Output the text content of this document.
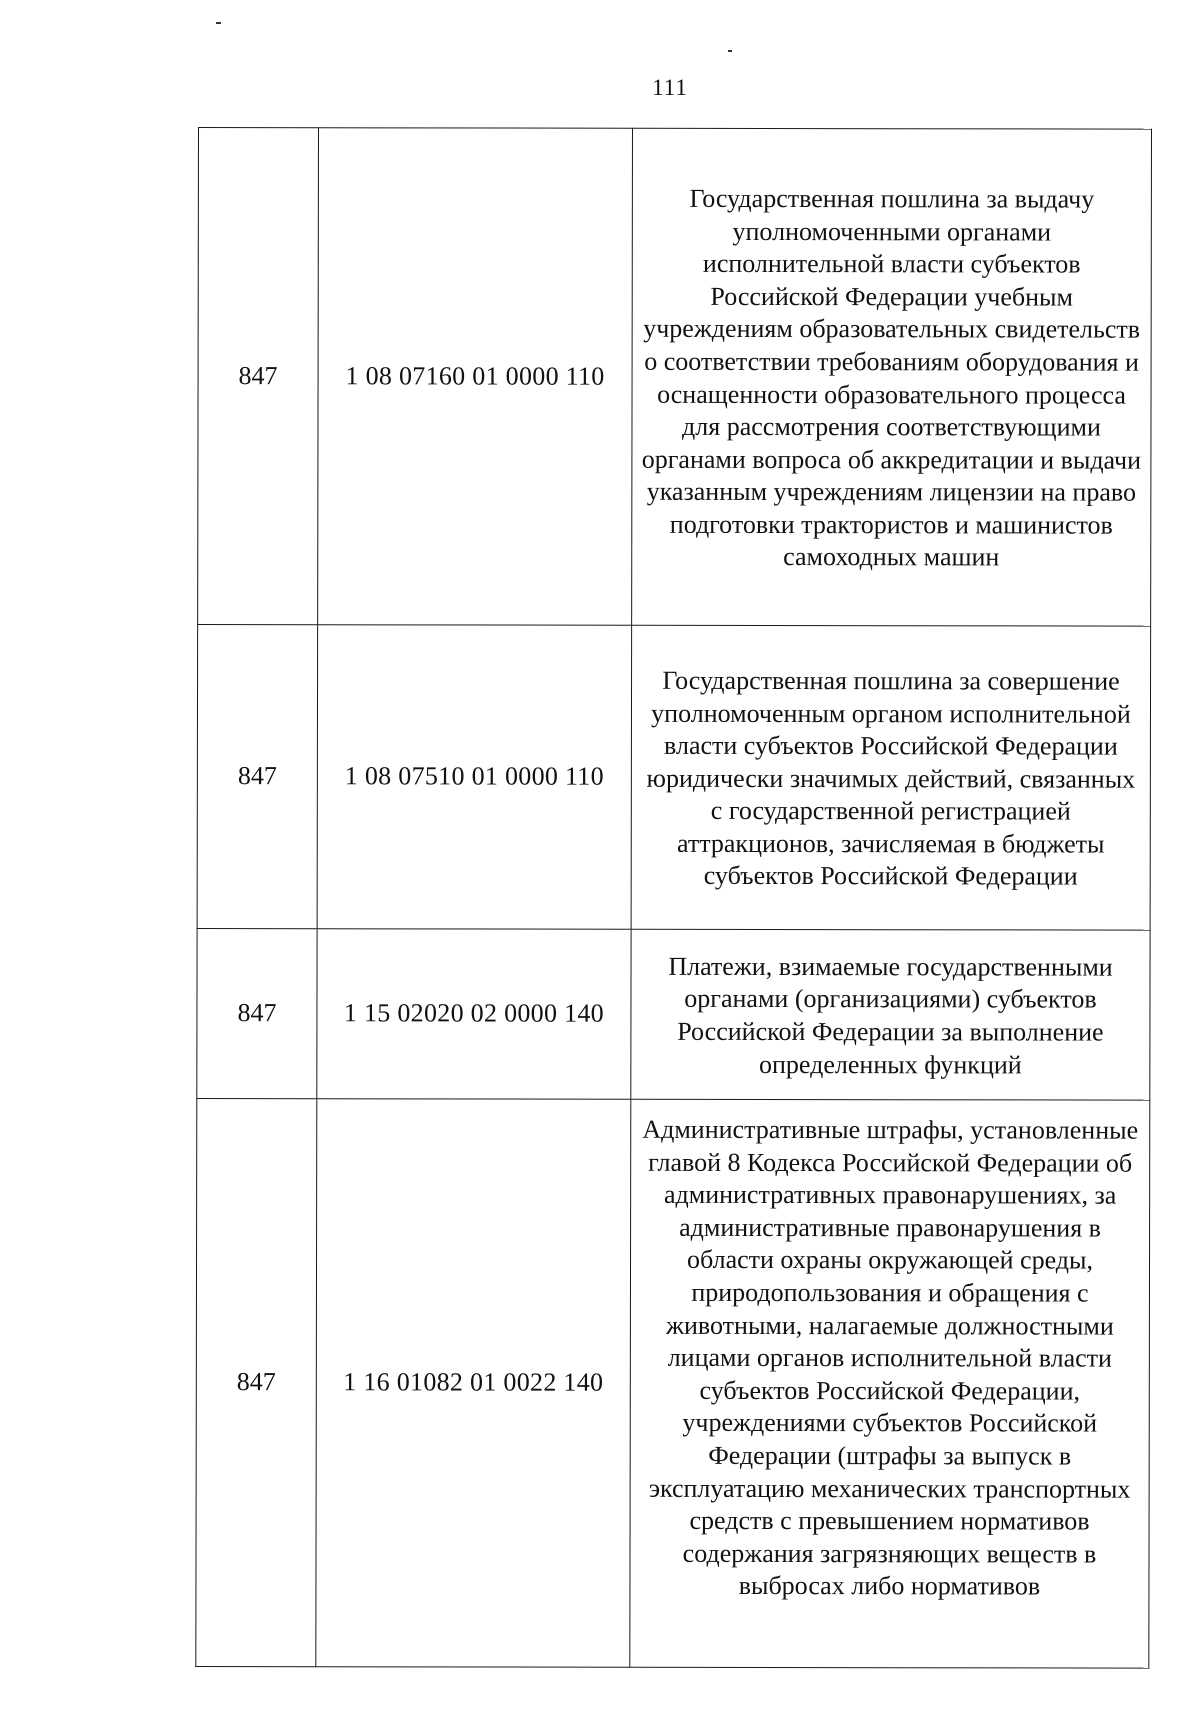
111
847	1 08 07160 01 0000 110	Государственная пошлина за выдачу уполномоченными органами исполнительной власти субъектов Российской Федерации учебным учреждениям образовательных свидетельств о соответствии требованиям оборудования и оснащенности образовательного процесса для рассмотрения соответствующими органами вопроса об аккредитации и выдачи указанным учреждениям лицензии на право подготовки трактористов и машинистов самоходных машин
847	1 08 07510 01 0000 110	Государственная пошлина за совершение уполномоченным органом исполнительной власти субъектов Российской Федерации юридически значимых действий, связанных с государственной регистрацией аттракционов, зачисляемая в бюджеты субъектов Российской Федерации
847	1 15 02020 02 0000 140	Платежи, взимаемые государственными органами (организациями) субъектов Российской Федерации за выполнение определенных функций
847	1 16 01082 01 0022 140	Административные штрафы, установленные главой 8 Кодекса Российской Федерации об административных правонарушениях, за административные правонарушения в области охраны окружающей среды, природопользования и обращения с животными, налагаемые должностными лицами органов исполнительной власти субъектов Российской Федерации, учреждениями субъектов Российской Федерации (штрафы за выпуск в эксплуатацию механических транспортных средств с превышением нормативов содержания загрязняющих веществ в выбросах либо нормативов
